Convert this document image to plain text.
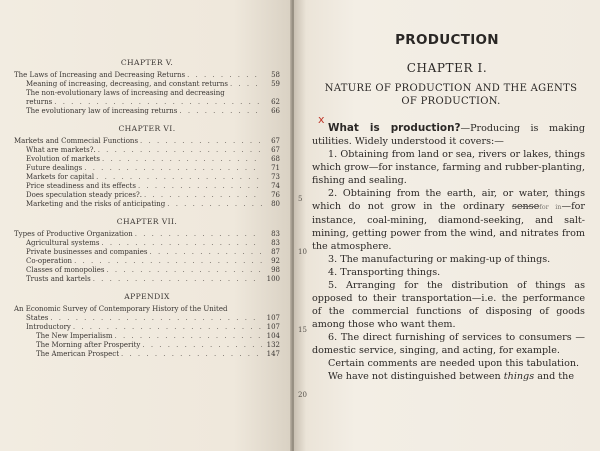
CHAPTER V.
The Laws of Increasing and Decreasing Returns . . .	58
Meaning of increasing, decreasing, and constant returns . . .	59
The non-evolutionary laws of increasing and decreasing
returns . . .	62
The evolutionary law of increasing returns . . .	66
CHAPTER VI.
Markets and Commecial Functions . . .	67
What are markets?. . . .	67
Evolution of markets . . .	68
Future dealings . . .	71
Markets for capital . . .	73
Price steadiness and its effects . . .	74
Does speculation steady prices?. . . .	76
Marketing and the risks of anticipating . . .	80
CHAPTER VII.
Types of Productive Organization . . .	83
Agricultural systems . . .	83
Private businesses and companies . . .	87
Co-operation . . .	92
Classes of monopolies . . .	98
Trusts and kartels . . .	100
APPENDIX
An Economic Survey of Contemporary History of the United
States . . .	107
Introductory . . .	107
The New Imperialism . . .	104
The Morning after Prosperity . . .	132
The American Prospect . . .	147
PRODUCTION
CHAPTER I.
NATURE OF PRODUCTION AND THE AGENTS
OF PRODUCTION.
x
5
10
15
20

What is production?—Producing is making utilities. Widely understood it covers:—

1. Obtaining from land or sea, rivers or lakes, things which grow—for instance, farming and rubber-planting, fishing and sealing.

2. Obtaining from the earth, air, or water, things which do not grow in the ordinary sensefor in—for instance, coal-mining, diamond-seeking, and salt-mining, getting power from the wind, and nitrates from the atmosphere.

3. The manufacturing or making-up of things.

4. Transporting things.

5. Arranging for the distribution of things as opposed to their transportation—i.e. the performance of the commercial functions of disposing of goods among those who want them.

6. The direct furnishing of services to consumers —domestic service, singing, and acting, for example.

Certain comments are needed upon this tabulation.

We have not distinguished between things and the
